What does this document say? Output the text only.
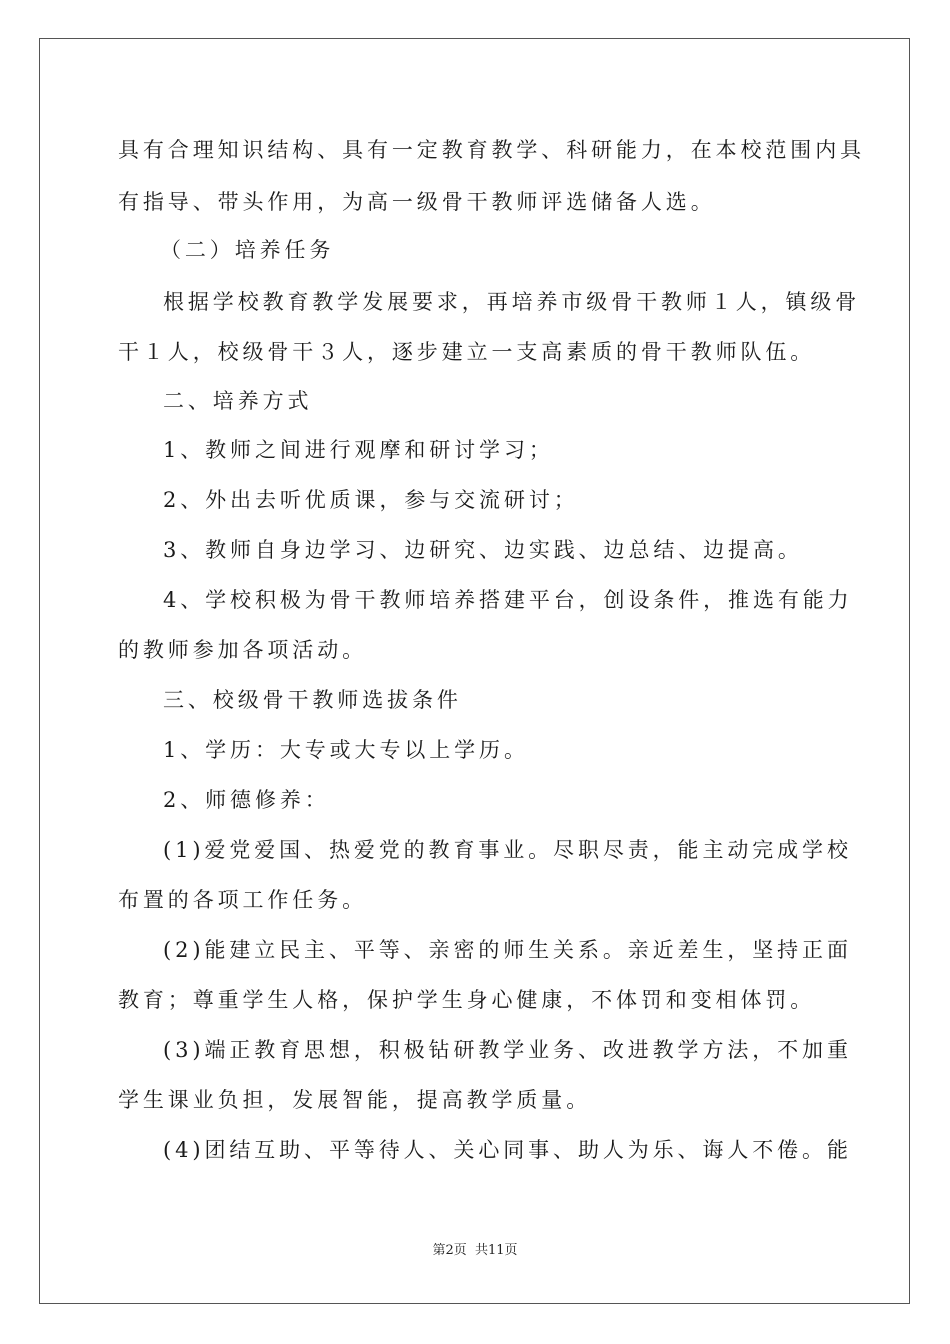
具有合理知识结构、具有一定教育教学、科研能力，在本校范围内具
有指导、带头作用，为高一级骨干教师评选储备人选。
（二）培养任务
根据学校教育教学发展要求，再培养市级骨干教师１人，镇级骨
干１人，校级骨干３人，逐步建立一支高素质的骨干教师队伍。
二、培养方式
1、教师之间进行观摩和研讨学习；
2、外出去听优质课，参与交流研讨；
3、教师自身边学习、边研究、边实践、边总结、边提高。
4、学校积极为骨干教师培养搭建平台，创设条件，推选有能力
的教师参加各项活动。
三、校级骨干教师选拔条件
1、学历：大专或大专以上学历。
2、师德修养：
(1)爱党爱国、热爱党的教育事业。尽职尽责，能主动完成学校
布置的各项工作任务。
(2)能建立民主、平等、亲密的师生关系。亲近差生，坚持正面
教育；尊重学生人格，保护学生身心健康，不体罚和变相体罚。
(3)端正教育思想，积极钻研教学业务、改进教学方法，不加重
学生课业负担，发展智能，提高教学质量。
(4)团结互助、平等待人、关心同事、助人为乐、诲人不倦。能
第2页 共11页
